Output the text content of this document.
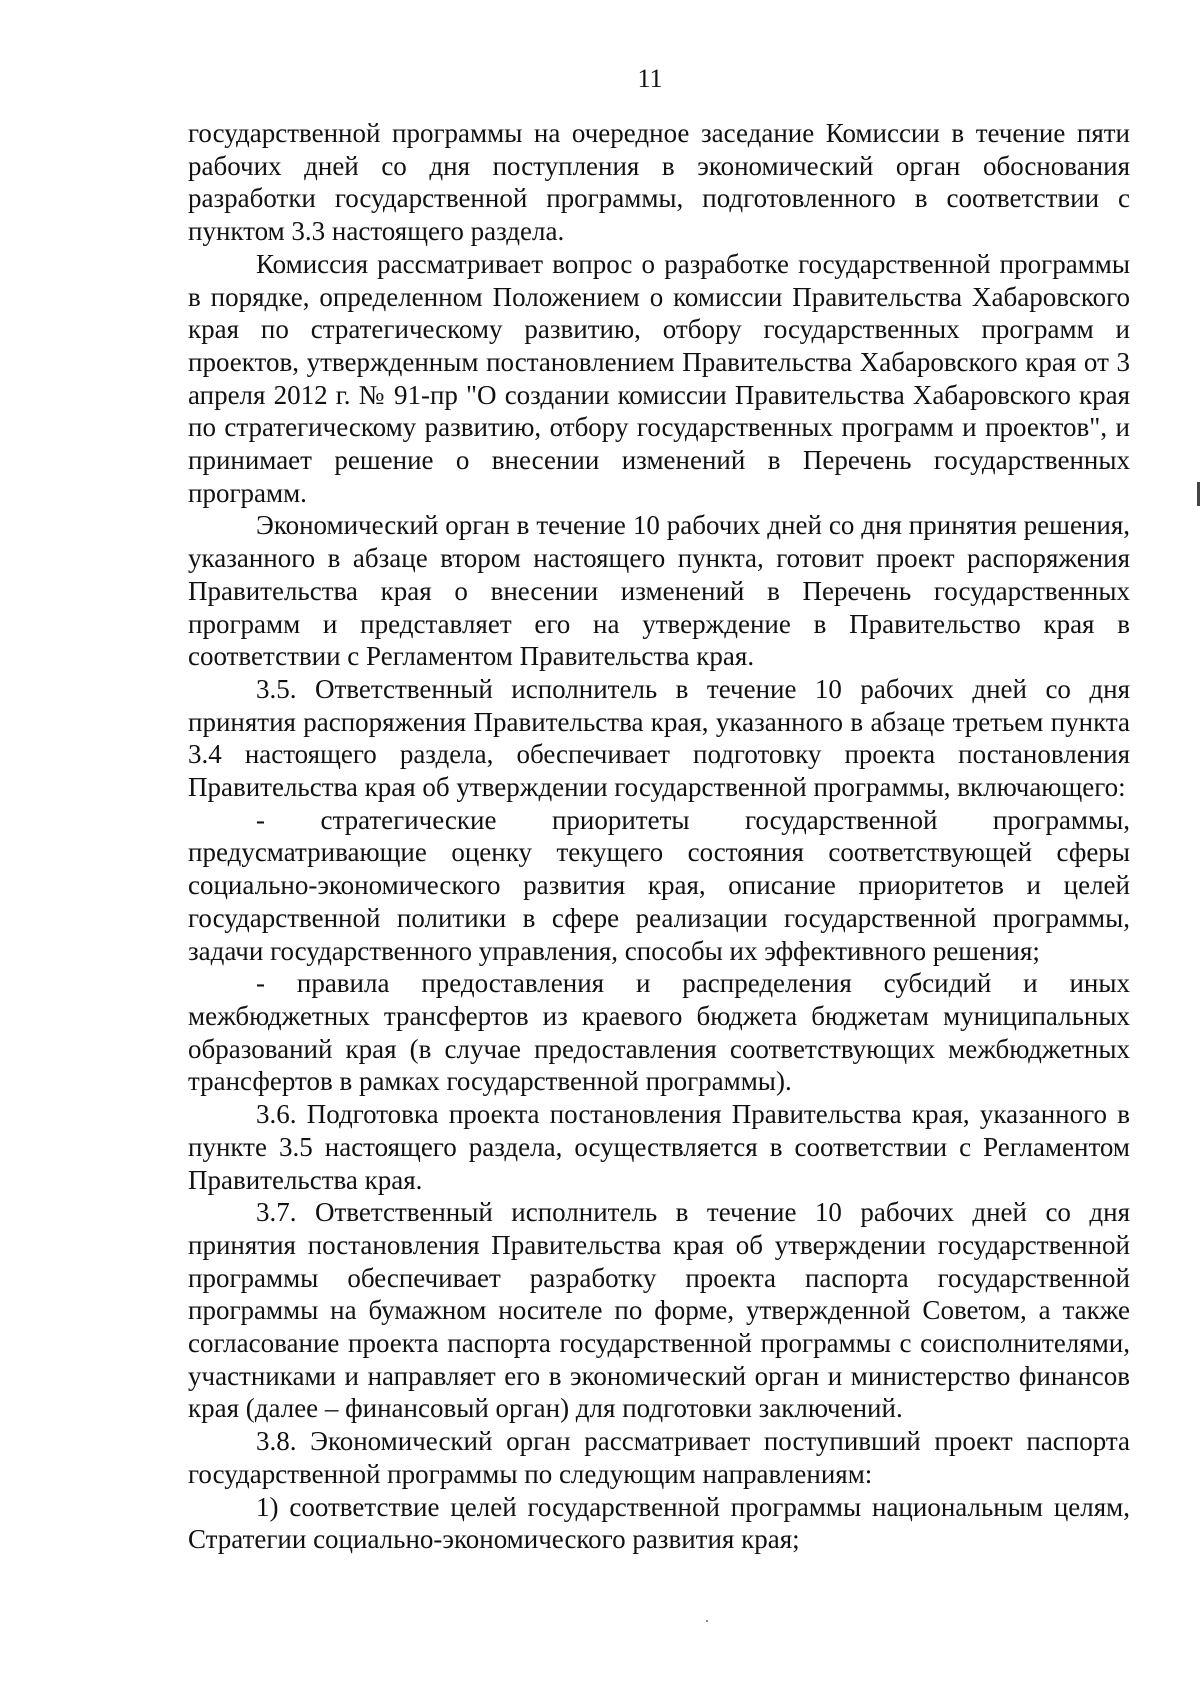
11

государственной программы на очередное заседание Комиссии в течение пяти рабочих дней со дня поступления в экономический орган обоснования разработки государственной программы, подготовленного в соответствии с пунктом 3.3 настоящего раздела.

Комиссия рассматривает вопрос о разработке государственной программы в порядке, определенном Положением о комиссии Правительства Хабаровского края по стратегическому развитию, отбору государственных программ и проектов, утвержденным постановлением Правительства Хабаровского края от 3 апреля 2012 г. № 91-пр "О создании комиссии Правительства Хабаровского края по стратегическому развитию, отбору государственных программ и проектов", и принимает решение о внесении изменений в Перечень государственных программ.

Экономический орган в течение 10 рабочих дней со дня принятия решения, указанного в абзаце втором настоящего пункта, готовит проект распоряжения Правительства края о внесении изменений в Перечень государственных программ и представляет его на утверждение в Правительство края в соответствии с Регламентом Правительства края.

3.5. Ответственный исполнитель в течение 10 рабочих дней со дня принятия распоряжения Правительства края, указанного в абзаце третьем пункта 3.4 настоящего раздела, обеспечивает подготовку проекта постановления Правительства края об утверждении государственной программы, включающего:

- стратегические приоритеты государственной программы, предусматривающие оценку текущего состояния соответствующей сферы социально-экономического развития края, описание приоритетов и целей государственной политики в сфере реализации государственной программы, задачи государственного управления, способы их эффективного решения;

- правила предоставления и распределения субсидий и иных межбюджетных трансфертов из краевого бюджета бюджетам муниципальных образований края (в случае предоставления соответствующих межбюджетных трансфертов в рамках государственной программы).

3.6. Подготовка проекта постановления Правительства края, указанного в пункте 3.5 настоящего раздела, осуществляется в соответствии с Регламентом Правительства края.

3.7. Ответственный исполнитель в течение 10 рабочих дней со дня принятия постановления Правительства края об утверждении государственной программы обеспечивает разработку проекта паспорта государственной программы на бумажном носителе по форме, утвержденной Советом, а также согласование проекта паспорта государственной программы с соисполнителями, участниками и направляет его в экономический орган и министерство финансов края (далее – финансовый орган) для подготовки заключений.

3.8. Экономический орган рассматривает поступивший проект паспорта государственной программы по следующим направлениям:

1) соответствие целей государственной программы национальным целям, Стратегии социально-экономического развития края;
